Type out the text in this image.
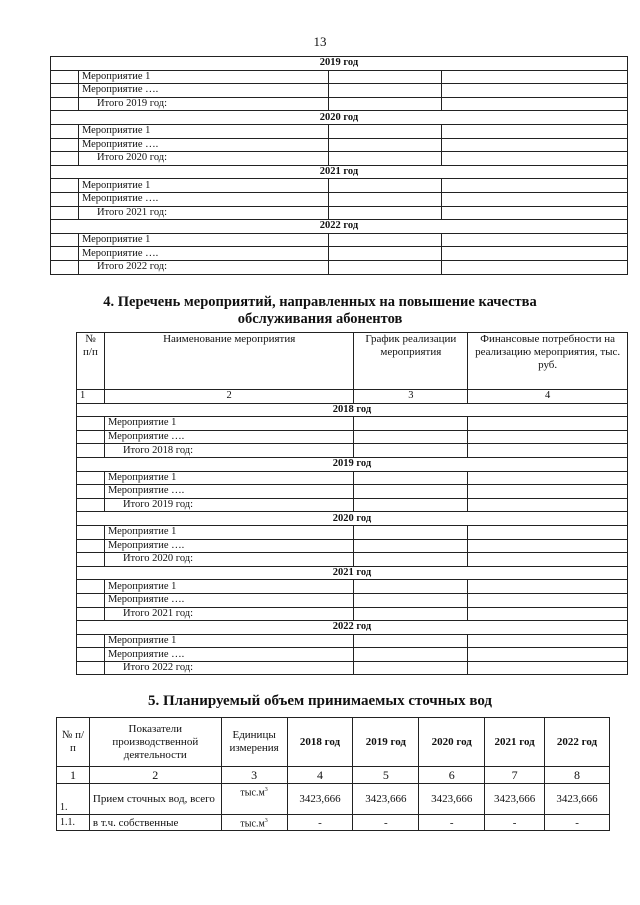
13
2019 год			
	Мероприятие 1		
	Мероприятие ….		
	Итого 2019 год:		
2020 год			
	Мероприятие 1		
	Мероприятие ….		
	Итого 2020 год:		
2021 год			
	Мероприятие 1		
	Мероприятие ….		
	Итого 2021 год:		
2022 год			
	Мероприятие 1		
	Мероприятие ….		
	Итого 2022 год:		
4. Перечень мероприятий, направленных на повышение качества
обслуживания абонентов
№ п/п	Наименование мероприятия	График реализации мероприятия	Финансовые потребности на реализацию мероприятия, тыс. руб.
1	2	3	4
2018 год			
	Мероприятие 1		
	Мероприятие ….		
	Итого 2018 год:		
2019 год			
	Мероприятие 1		
	Мероприятие ….		
	Итого 2019 год:		
2020 год			
	Мероприятие 1		
	Мероприятие ….		
	Итого 2020 год:		
2021 год			
	Мероприятие 1		
	Мероприятие ….		
	Итого 2021 год:		
2022 год			
	Мероприятие 1		
	Мероприятие ….		
	Итого 2022 год:		
5. Планируемый объем принимаемых сточных вод
№ п/п	Показатели производственной деятельности	Единицы измерения	2018 год	2019 год	2020 год	2021 год	2022 год
1	2	3	4	5	6	7	8
1.	Прием сточных вод, всего	$тыс.м^3$	3423,666	3423,666	3423,666	3423,666	3423,666
1.1.	в т.ч. собственные	$тыс.м^3$	-	-	-	-	-
